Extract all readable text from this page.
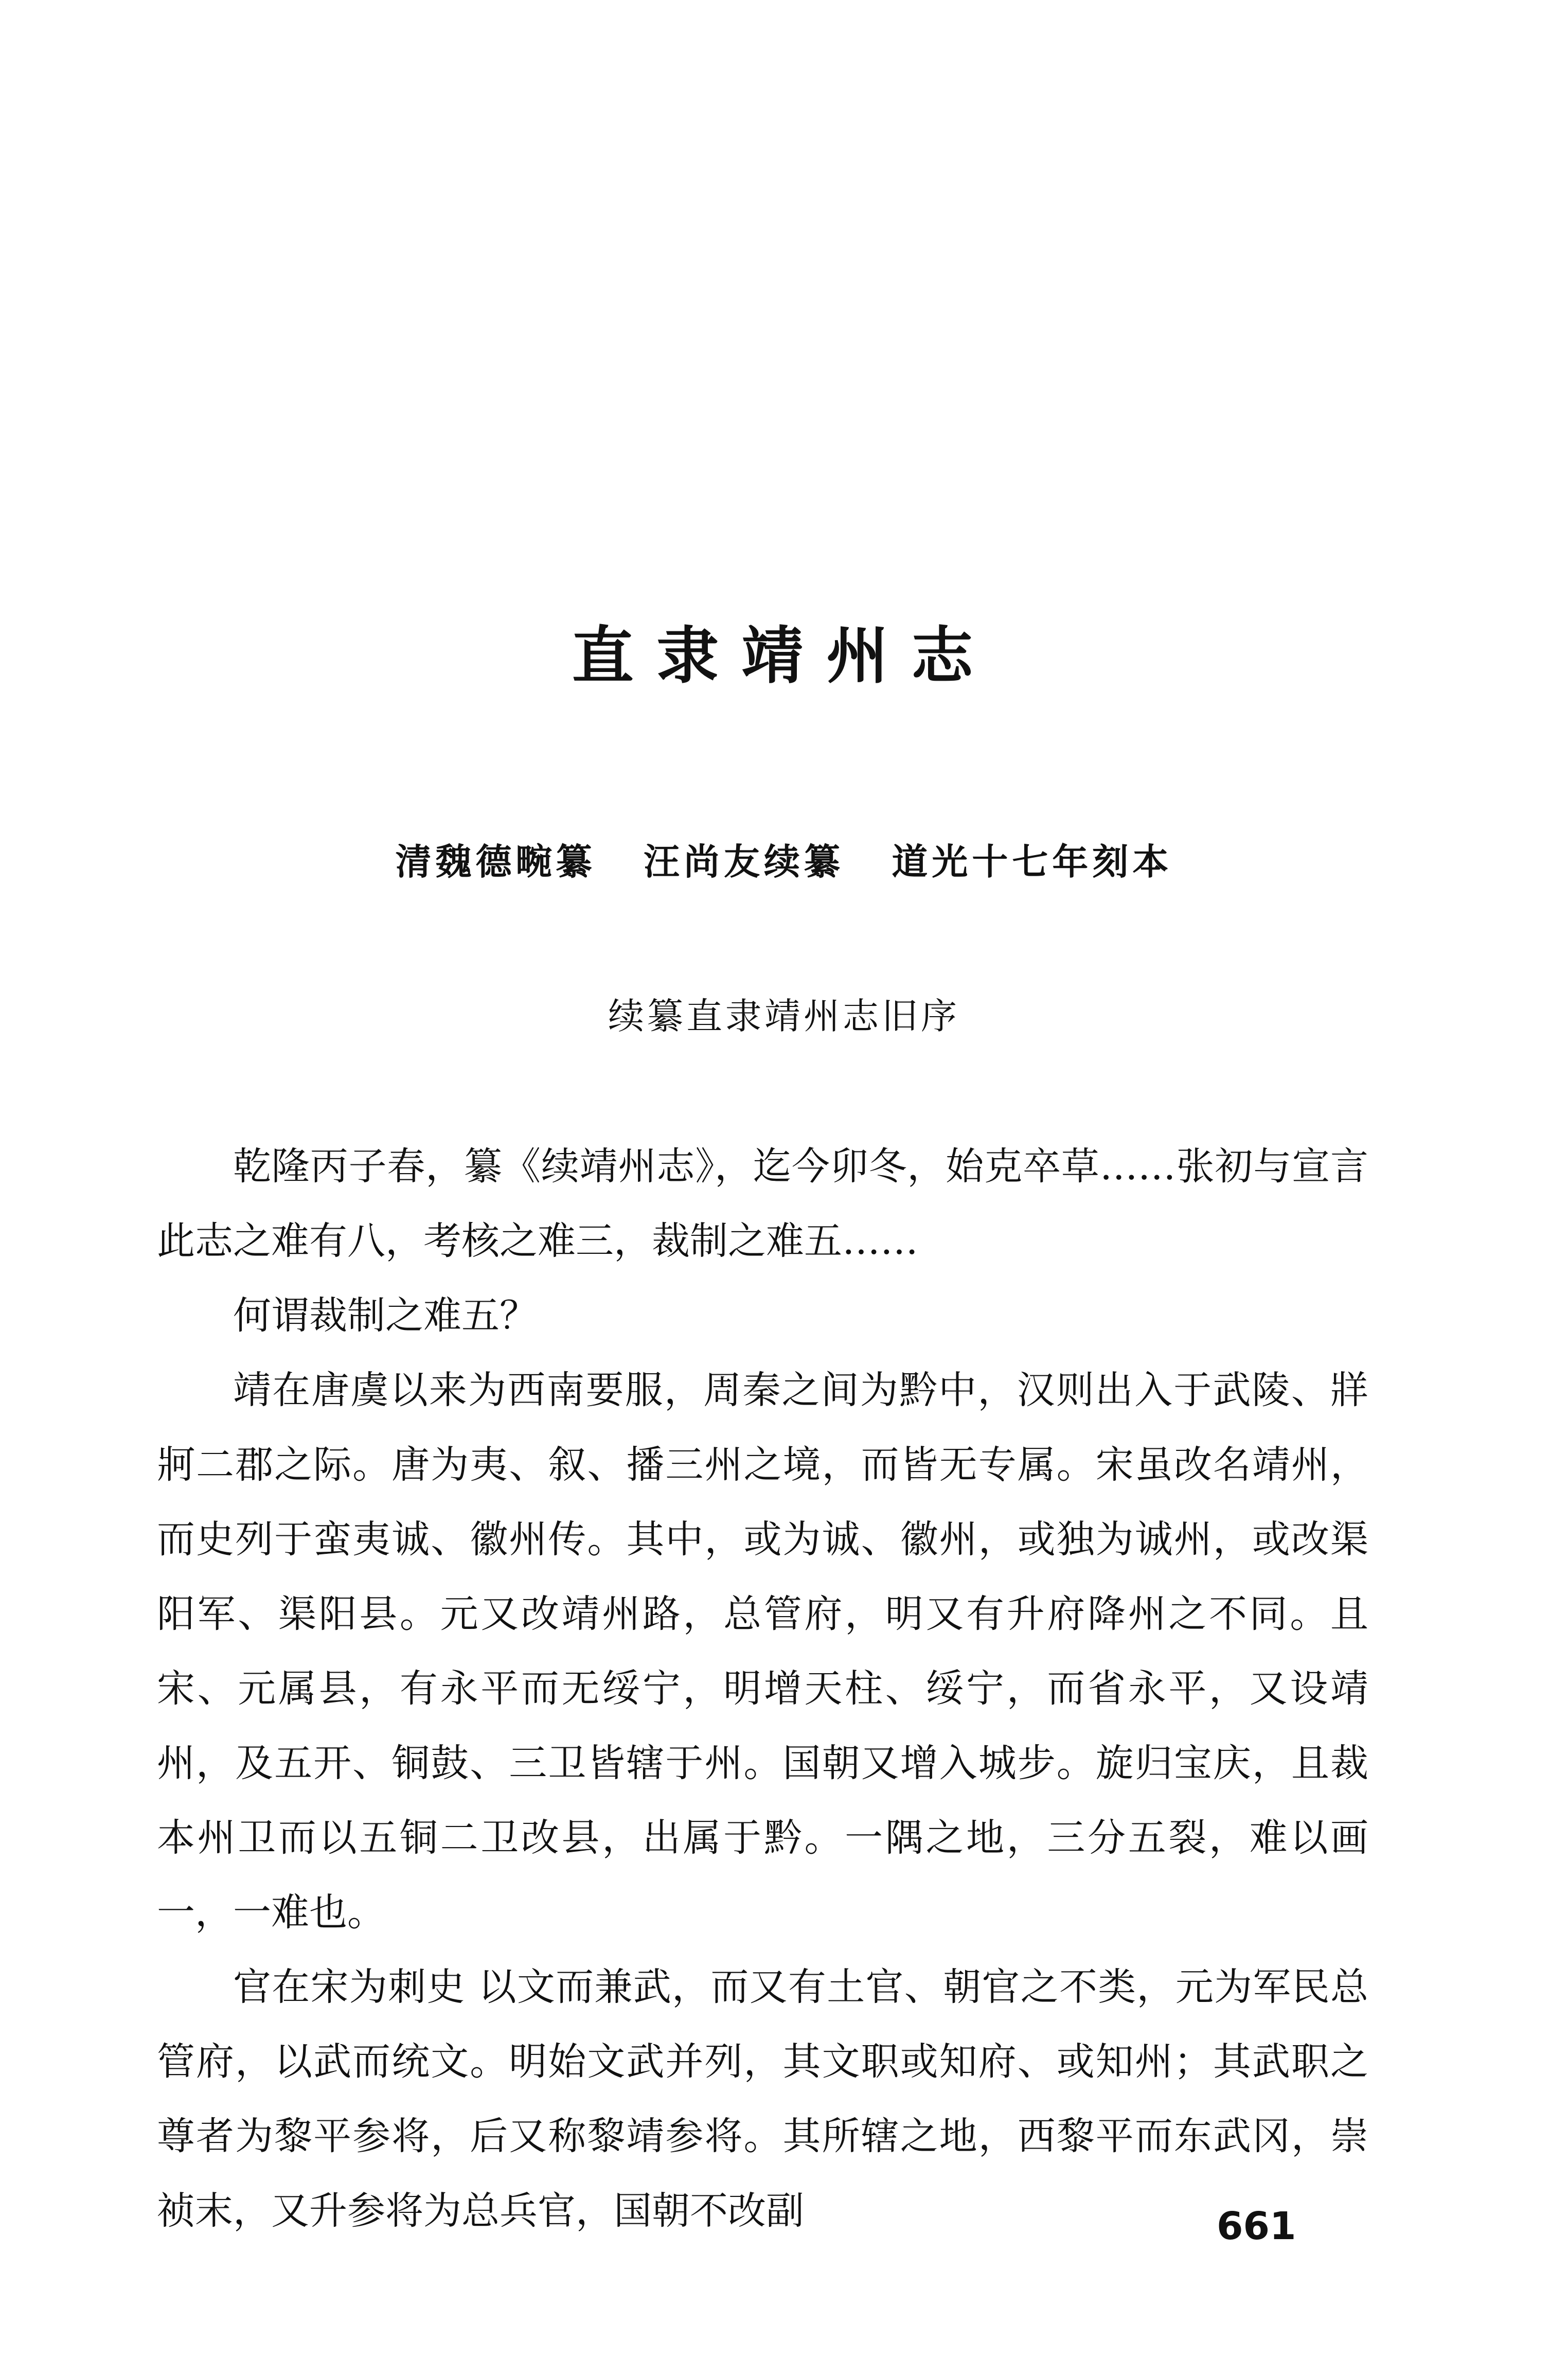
直隶靖州志
清魏德畹纂 汪尚友续纂 道光十七年刻本
续纂直隶靖州志旧序

乾隆丙子春，纂《续靖州志》，迄今卯冬，始克卒草……张初与宣言此志之难有八，考核之难三，裁制之难五……

何谓裁制之难五？

靖在唐虞以来为西南要服，周秦之间为黔中，汉则出入于武陵、牂牁二郡之际。唐为夷、叙、播三州之境，而皆无专属。宋虽改名靖州，而史列于蛮夷诚、徽州传。其中，或为诚、徽州，或独为诚州，或改渠阳军、渠阳县。元又改靖州路，总管府，明又有升府降州之不同。且宋、元属县，有永平而无绥宁，明增天柱、绥宁，而省永平，又设靖州，及五开、铜鼓、三卫皆辖于州。国朝又增入城步。旋归宝庆，且裁本州卫而以五铜二卫改县，出属于黔。一隅之地，三分五裂，难以画一，一难也。

官在宋为刺史 以文而兼武，而又有土官、朝官之不类，元为军民总管府，以武而统文。明始文武并列，其文职或知府、或知州；其武职之尊者为黎平参将，后又称黎靖参将。其所辖之地，西黎平而东武冈，崇祯末，又升参将为总兵官，国朝不改副	661
